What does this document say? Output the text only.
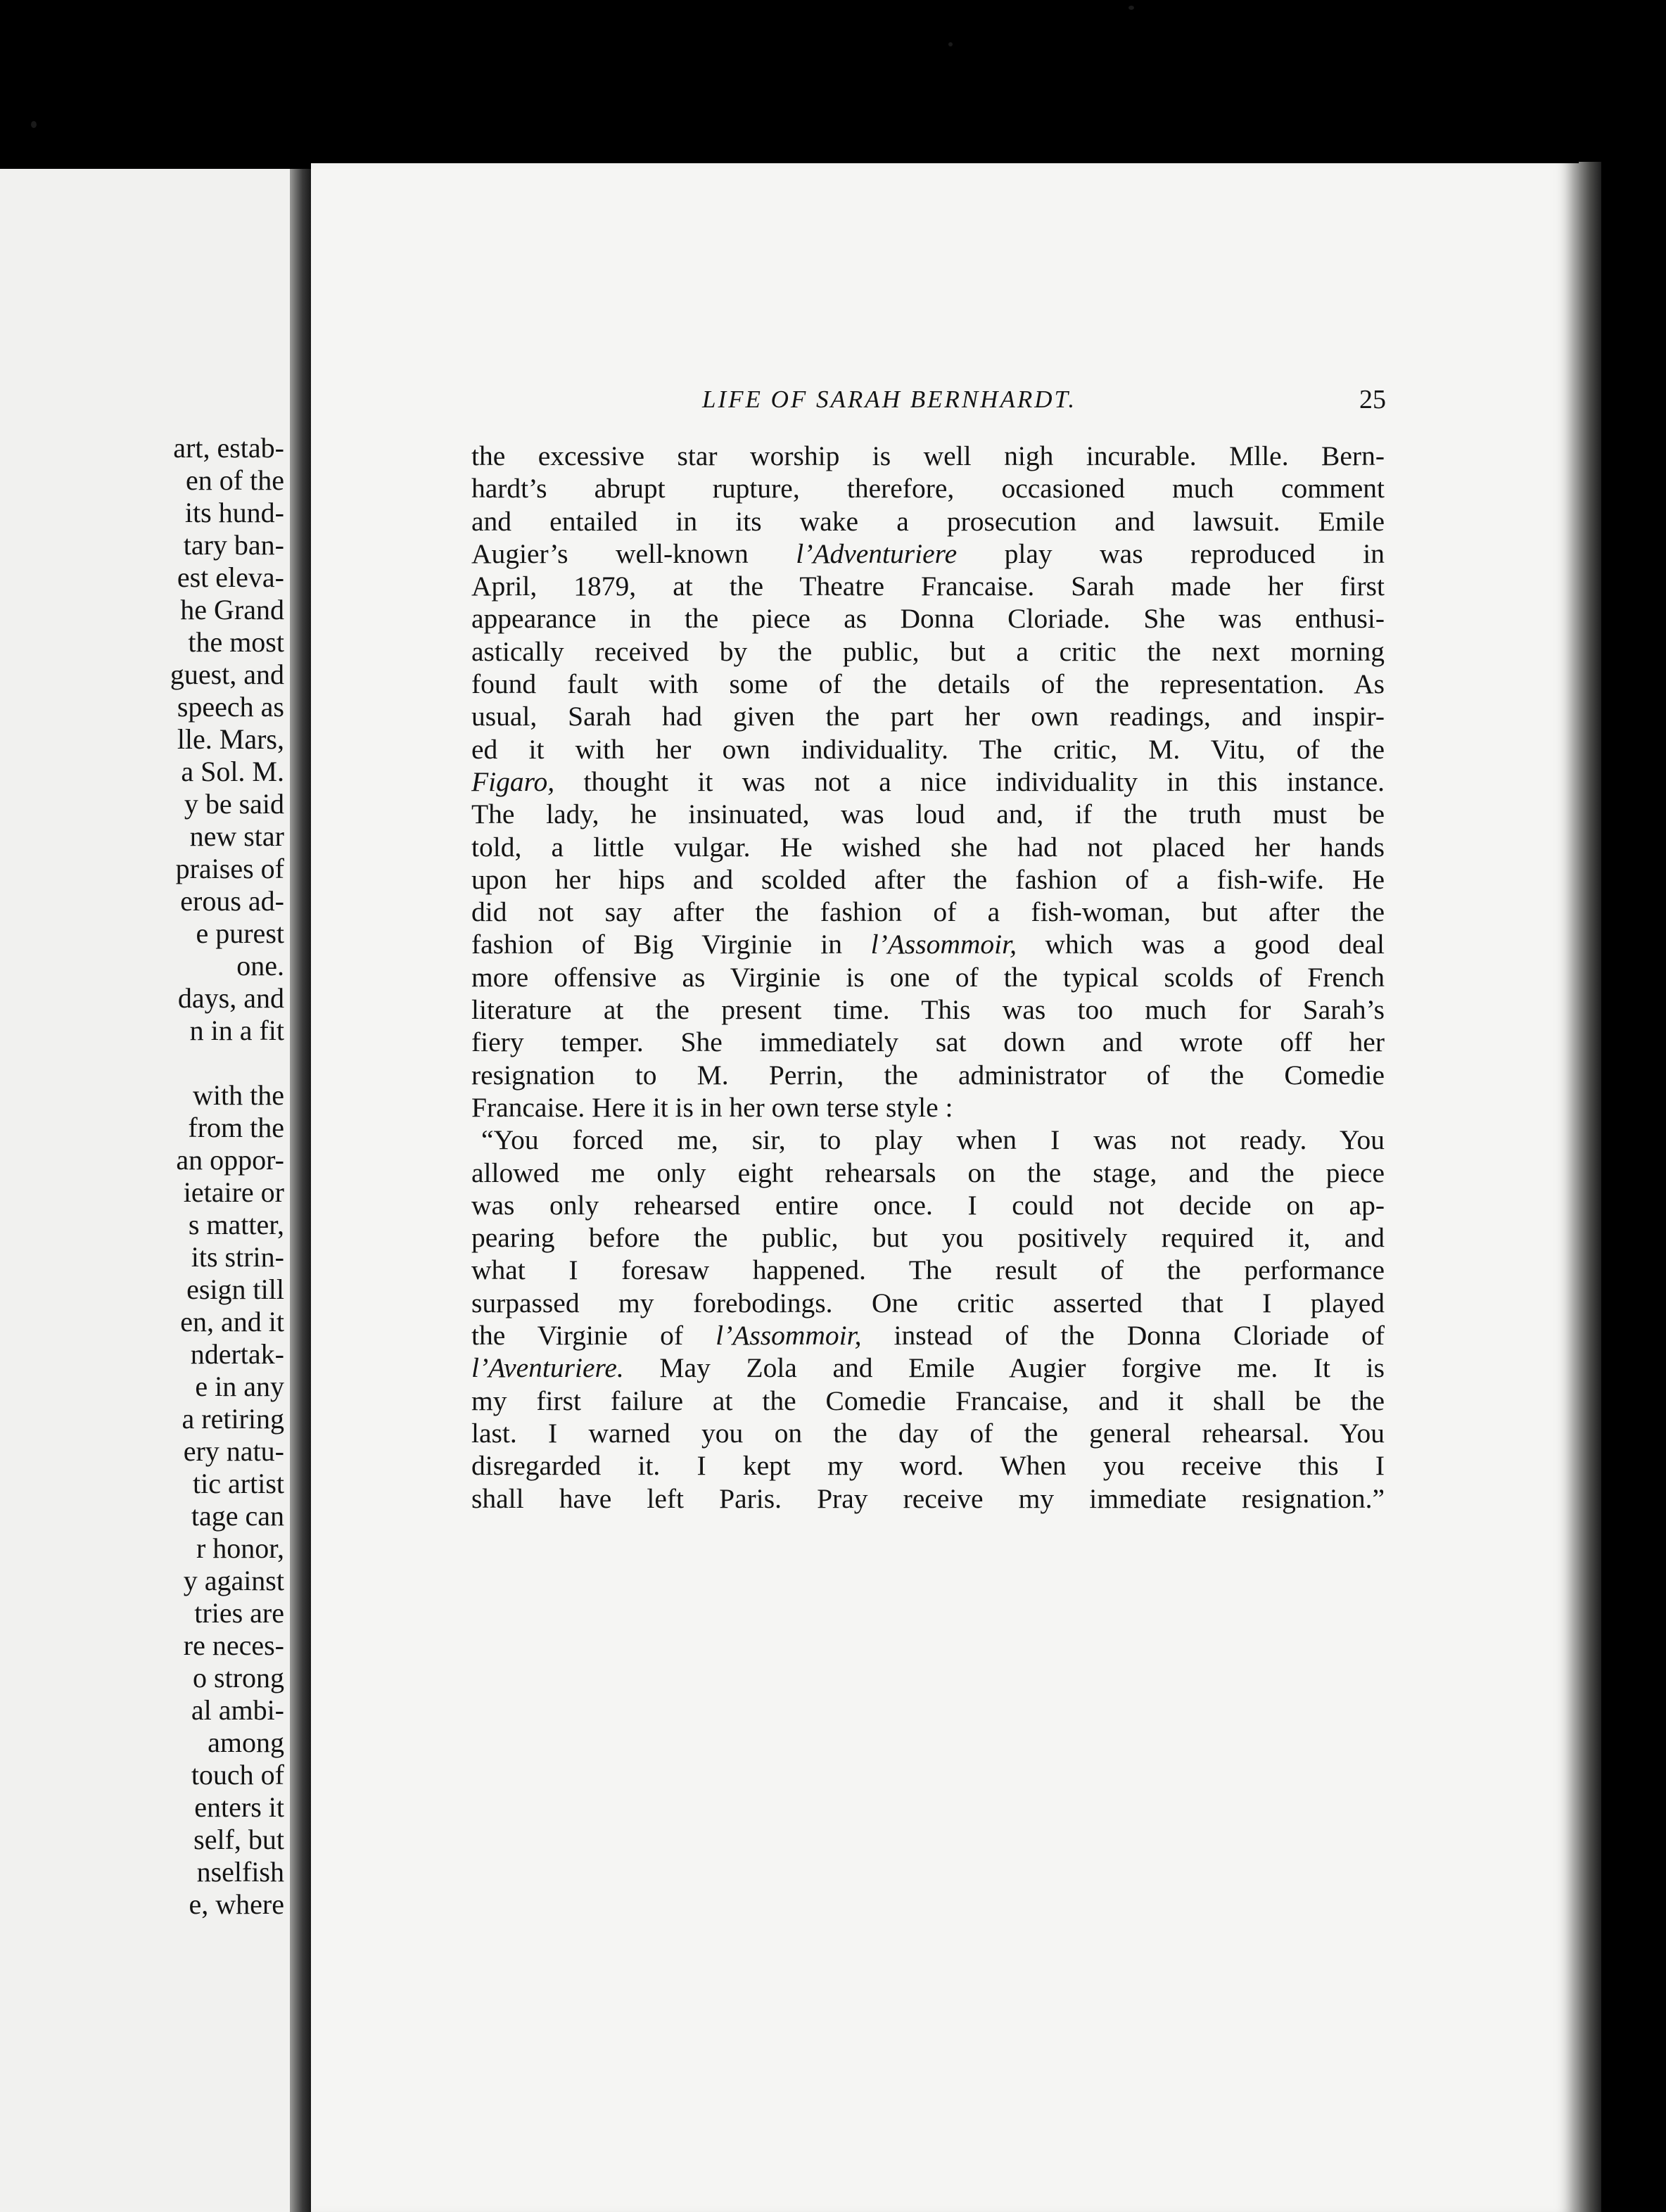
art, estab-
en of the
its hund-
tary ban-
est eleva-
he Grand
the most
guest, and
speech as
lle. Mars,
a Sol. M.
y be said
new star
praises of
erous ad-
e purest
one.
days, and
n in a fit
with the
from the
an oppor-
ietaire or
s matter,
its strin-
esign till
en, and it
ndertak-
e in any
a retiring
ery natu-
tic artist
tage can
r honor,
y against
tries are
re neces-
o strong
al ambi-
among
touch of
enters it
self, but
nselfish
e, where
LIFE OF SARAH BERNHARDT.	25
the excessive star worship is well nigh incurable. Mlle. Bern-
hardt’s abrupt rupture, therefore, occasioned much comment
and entailed in its wake a prosecution and lawsuit. Emile
Augier’s well-known l’Adventuriere play was reproduced in
April, 1879, at the Theatre Francaise. Sarah made her first
appearance in the piece as Donna Cloriade. She was enthusi-
astically received by the public, but a critic the next morning
found fault with some of the details of the representation. As
usual, Sarah had given the part her own readings, and inspir-
ed it with her own individuality. The critic, M. Vitu, of the
Figaro, thought it was not a nice individuality in this instance.
The lady, he insinuated, was loud and, if the truth must be
told, a little vulgar. He wished she had not placed her hands
upon her hips and scolded after the fashion of a fish-wife. He
did not say after the fashion of a fish-woman, but after the
fashion of Big Virginie in l’Assommoir, which was a good deal
more offensive as Virginie is one of the typical scolds of French
literature at the present time. This was too much for Sarah’s
fiery temper. She immediately sat down and wrote off her
resignation to M. Perrin, the administrator of the Comedie
Francaise. Here it is in her own terse style :
“You forced me, sir, to play when I was not ready. You
allowed me only eight rehearsals on the stage, and the piece
was only rehearsed entire once. I could not decide on ap-
pearing before the public, but you positively required it, and
what I foresaw happened. The result of the performance
surpassed my forebodings. One critic asserted that I played
the Virginie of l’Assommoir, instead of the Donna Cloriade of
l’Aventuriere. May Zola and Emile Augier forgive me. It is
my first failure at the Comedie Francaise, and it shall be the
last. I warned you on the day of the general rehearsal. You
disregarded it. I kept my word. When you receive this I
shall have left Paris. Pray receive my immediate resignation.”
